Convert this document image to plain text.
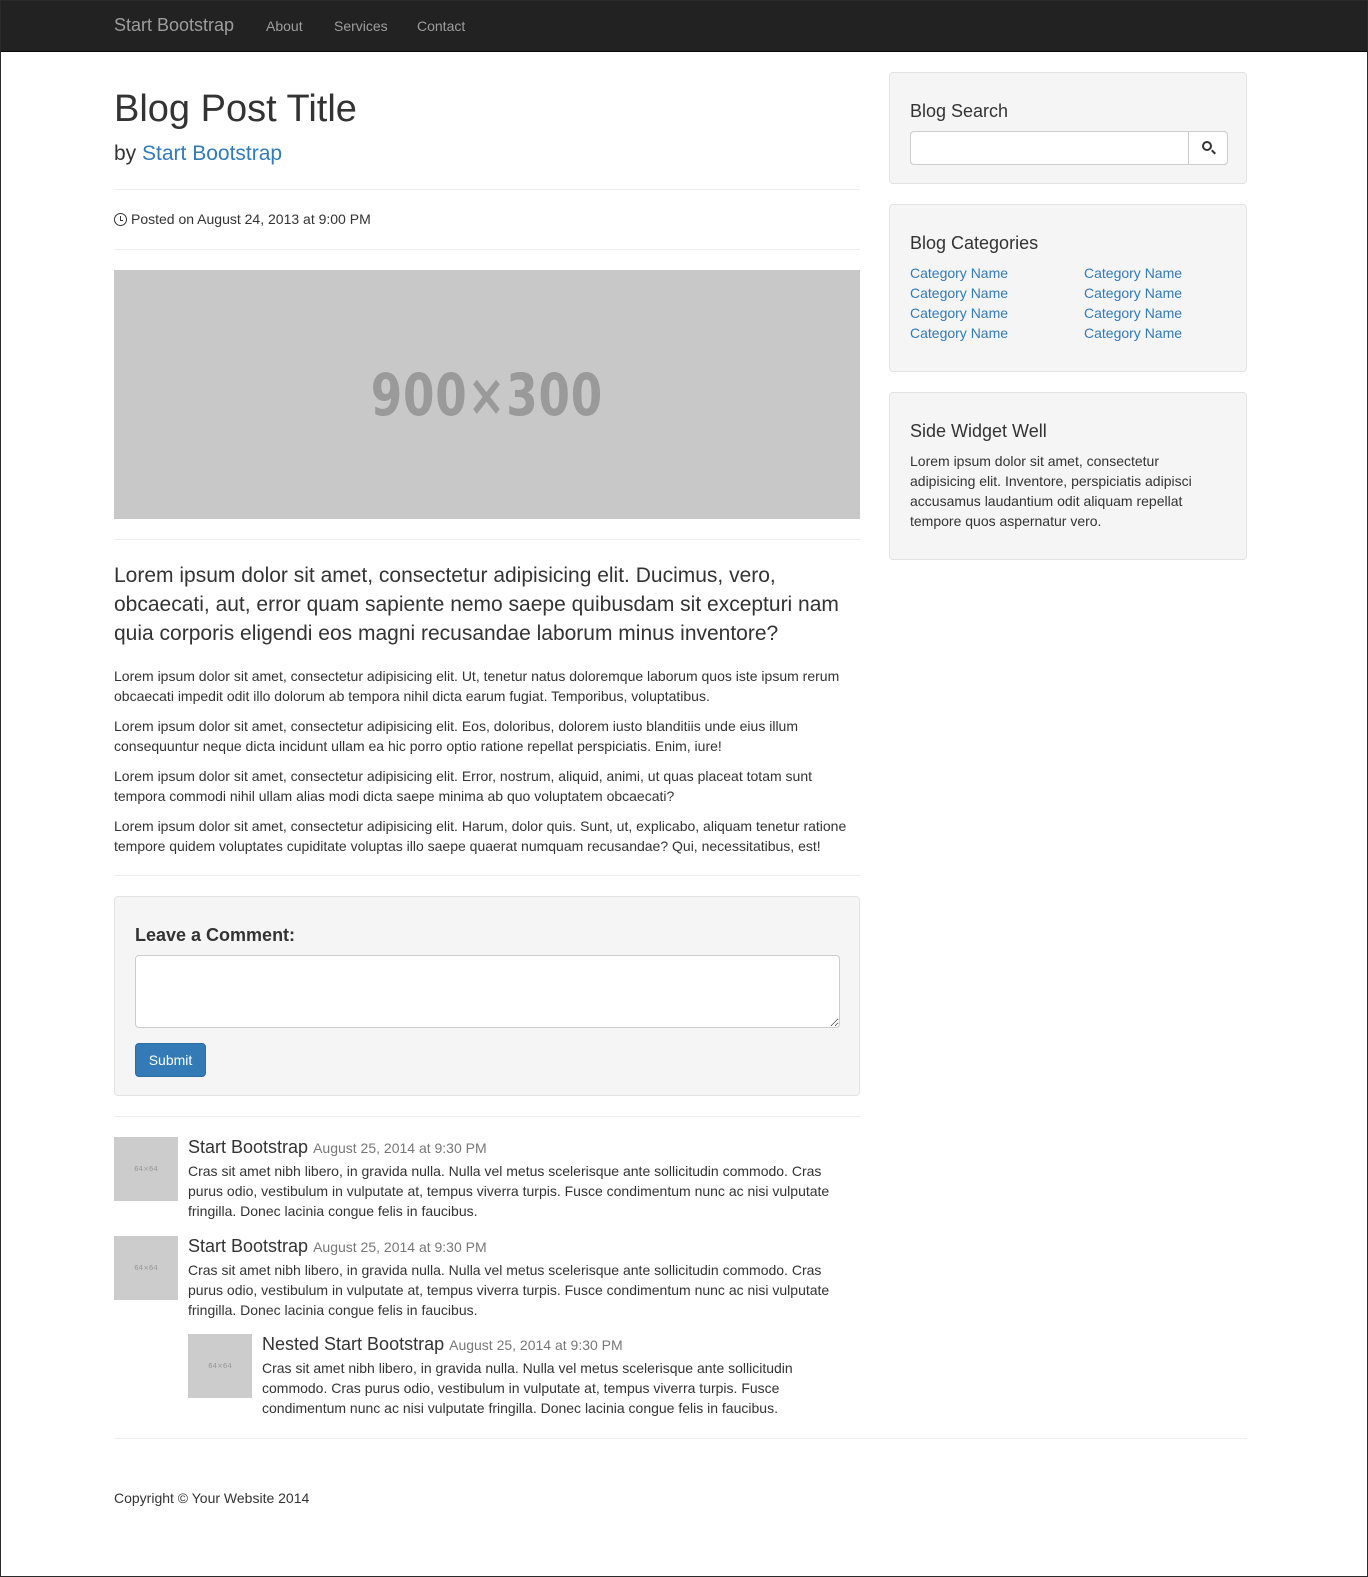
Start Bootstrap About Services Contact
Blog Post Title
by Start Bootstrap
Posted on August 24, 2013 at 9:00 PM
900×300

Lorem ipsum dolor sit amet, consectetur adipisicing elit. Ducimus, vero, obcaecati, aut, error quam sapiente nemo saepe quibusdam sit excepturi nam quia corporis eligendi eos magni recusandae laborum minus inventore?

Lorem ipsum dolor sit amet, consectetur adipisicing elit. Ut, tenetur natus doloremque laborum quos iste ipsum rerum obcaecati impedit odit illo dolorum ab tempora nihil dicta earum fugiat. Temporibus, voluptatibus.

Lorem ipsum dolor sit amet, consectetur adipisicing elit. Eos, doloribus, dolorem iusto blanditiis unde eius illum consequuntur neque dicta incidunt ullam ea hic porro optio ratione repellat perspiciatis. Enim, iure!

Lorem ipsum dolor sit amet, consectetur adipisicing elit. Error, nostrum, aliquid, animi, ut quas placeat totam sunt tempora commodi nihil ullam alias modi dicta saepe minima ab quo voluptatem obcaecati?

Lorem ipsum dolor sit amet, consectetur adipisicing elit. Harum, dolor quis. Sunt, ut, explicabo, aliquam tenetur ratione tempore quidem voluptates cupiditate voluptas illo saepe quaerat numquam recusandae? Qui, necessitatibus, est!

Leave a Comment:
Submit
64×64
Start Bootstrap August 25, 2014 at 9:30 PM
Cras sit amet nibh libero, in gravida nulla. Nulla vel metus scelerisque ante sollicitudin commodo. Cras purus odio, vestibulum in vulputate at, tempus viverra turpis. Fusce condimentum nunc ac nisi vulputate fringilla. Donec lacinia congue felis in faucibus.
64×64
Start Bootstrap August 25, 2014 at 9:30 PM
Cras sit amet nibh libero, in gravida nulla. Nulla vel metus scelerisque ante sollicitudin commodo. Cras purus odio, vestibulum in vulputate at, tempus viverra turpis. Fusce condimentum nunc ac nisi vulputate fringilla. Donec lacinia congue felis in faucibus.
64×64
Nested Start Bootstrap August 25, 2014 at 9:30 PM
Cras sit amet nibh libero, in gravida nulla. Nulla vel metus scelerisque ante sollicitudin commodo. Cras purus odio, vestibulum in vulputate at, tempus viverra turpis. Fusce condimentum nunc ac nisi vulputate fringilla. Donec lacinia congue felis in faucibus.
Blog Search
Blog Categories
Category Name
Category Name
Category Name
Category Name
Category Name
Category Name
Category Name
Category Name
Side Widget Well

Lorem ipsum dolor sit amet, consectetur adipisicing elit. Inventore, perspiciatis adipisci accusamus laudantium odit aliquam repellat tempore quos aspernatur vero.

Copyright © Your Website 2014
